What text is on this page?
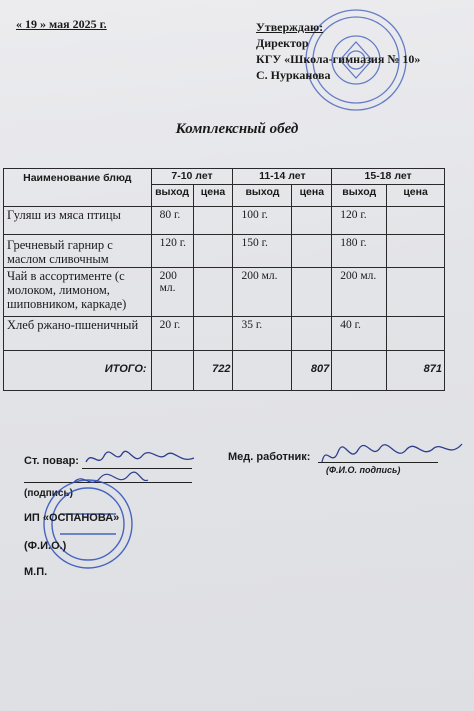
« 19 » мая 2025 г.	Утверждаю:
Директор
КГУ «Школа-гимназия № 10»
С. Нурканова
Комплексный обед
Наименование блюд	7-10 лет		11-14 лет		15-18 лет	
	выход	цена	выход	цена	выход	цена
Гуляш из мяса птицы	80 г.		100 г.		120 г.	
Гречневый гарнир с маслом сливочным	120 г.		150 г.		180 г.	
Чай в ассортименте (с молоком, лимоном, шиповником, каркаде)	200 мл.		200 мл.		200 мл.	
Хлеб ржано-пшеничный	20 г.		35 г.		40 г.	
ИТОГО:		722		807		871
Ст. повар:
(подпись)
ИП «ОСПАНОВА»
(Ф.И.О.)
М.П.
Мед. работник:
(Ф.И.О. подпись)
